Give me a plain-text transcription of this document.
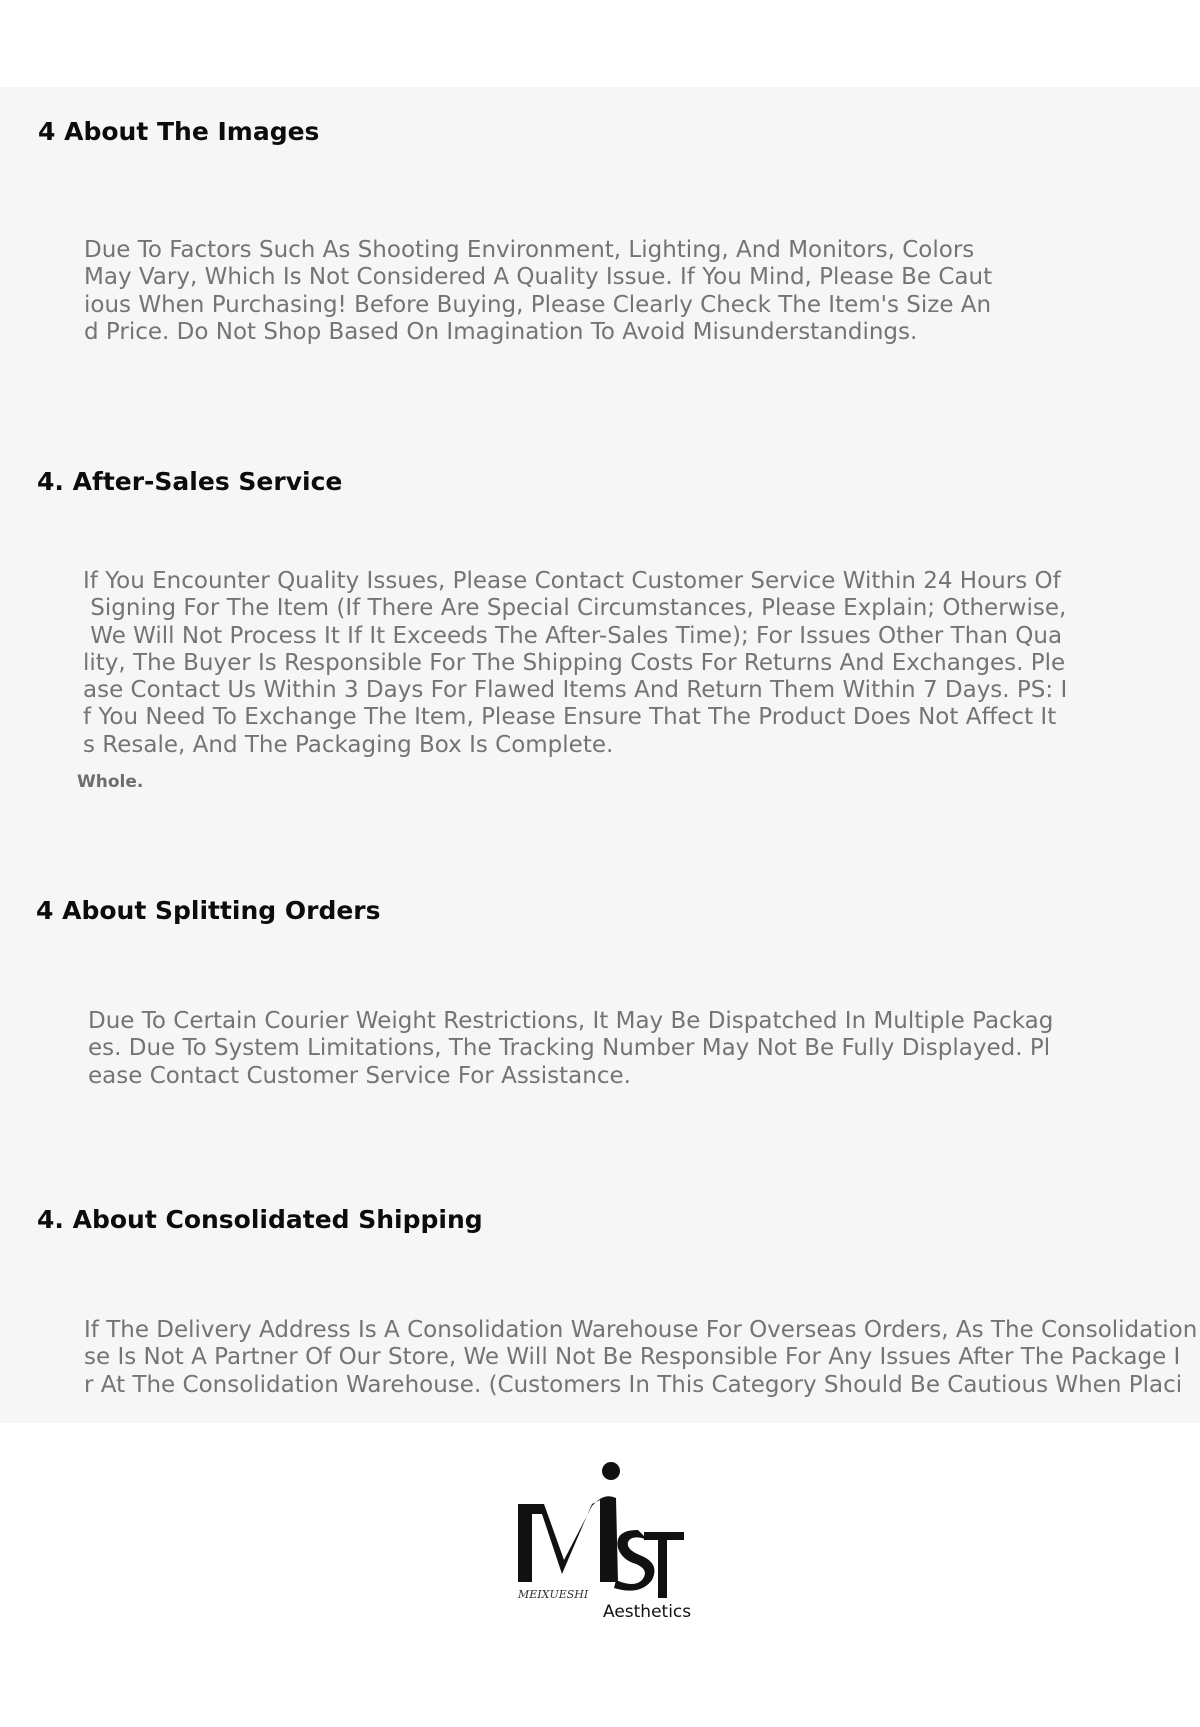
4 About The Images

Due To Factors Such As Shooting Environment, Lighting, And Monitors, Colors
May Vary, Which Is Not Considered A Quality Issue. If You Mind, Please Be Caut
ious When Purchasing! Before Buying, Please Clearly Check The Item's Size An
d Price. Do Not Shop Based On Imagination To Avoid Misunderstandings.

4. After-Sales Service

If You Encounter Quality Issues, Please Contact Customer Service Within 24 Hours Of
Signing For The Item (If There Are Special Circumstances, Please Explain; Otherwise,
We Will Not Process It If It Exceeds The After-Sales Time); For Issues Other Than Qua
lity, The Buyer Is Responsible For The Shipping Costs For Returns And Exchanges. Ple
ase Contact Us Within 3 Days For Flawed Items And Return Them Within 7 Days. PS: I
f You Need To Exchange The Item, Please Ensure That The Product Does Not Affect It
s Resale, And The Packaging Box Is Complete.

Whole.

4 About Splitting Orders

Due To Certain Courier Weight Restrictions, It May Be Dispatched In Multiple Packag
es. Due To System Limitations, The Tracking Number May Not Be Fully Displayed. Pl
ease Contact Customer Service For Assistance.

4. About Consolidated Shipping

If The Delivery Address Is A Consolidation Warehouse For Overseas Orders, As The Consolidation
se Is Not A Partner Of Our Store, We Will Not Be Responsible For Any Issues After The Package I
r At The Consolidation Warehouse. (Customers In This Category Should Be Cautious When Placi

MEIXUESHI
Aesthetics
